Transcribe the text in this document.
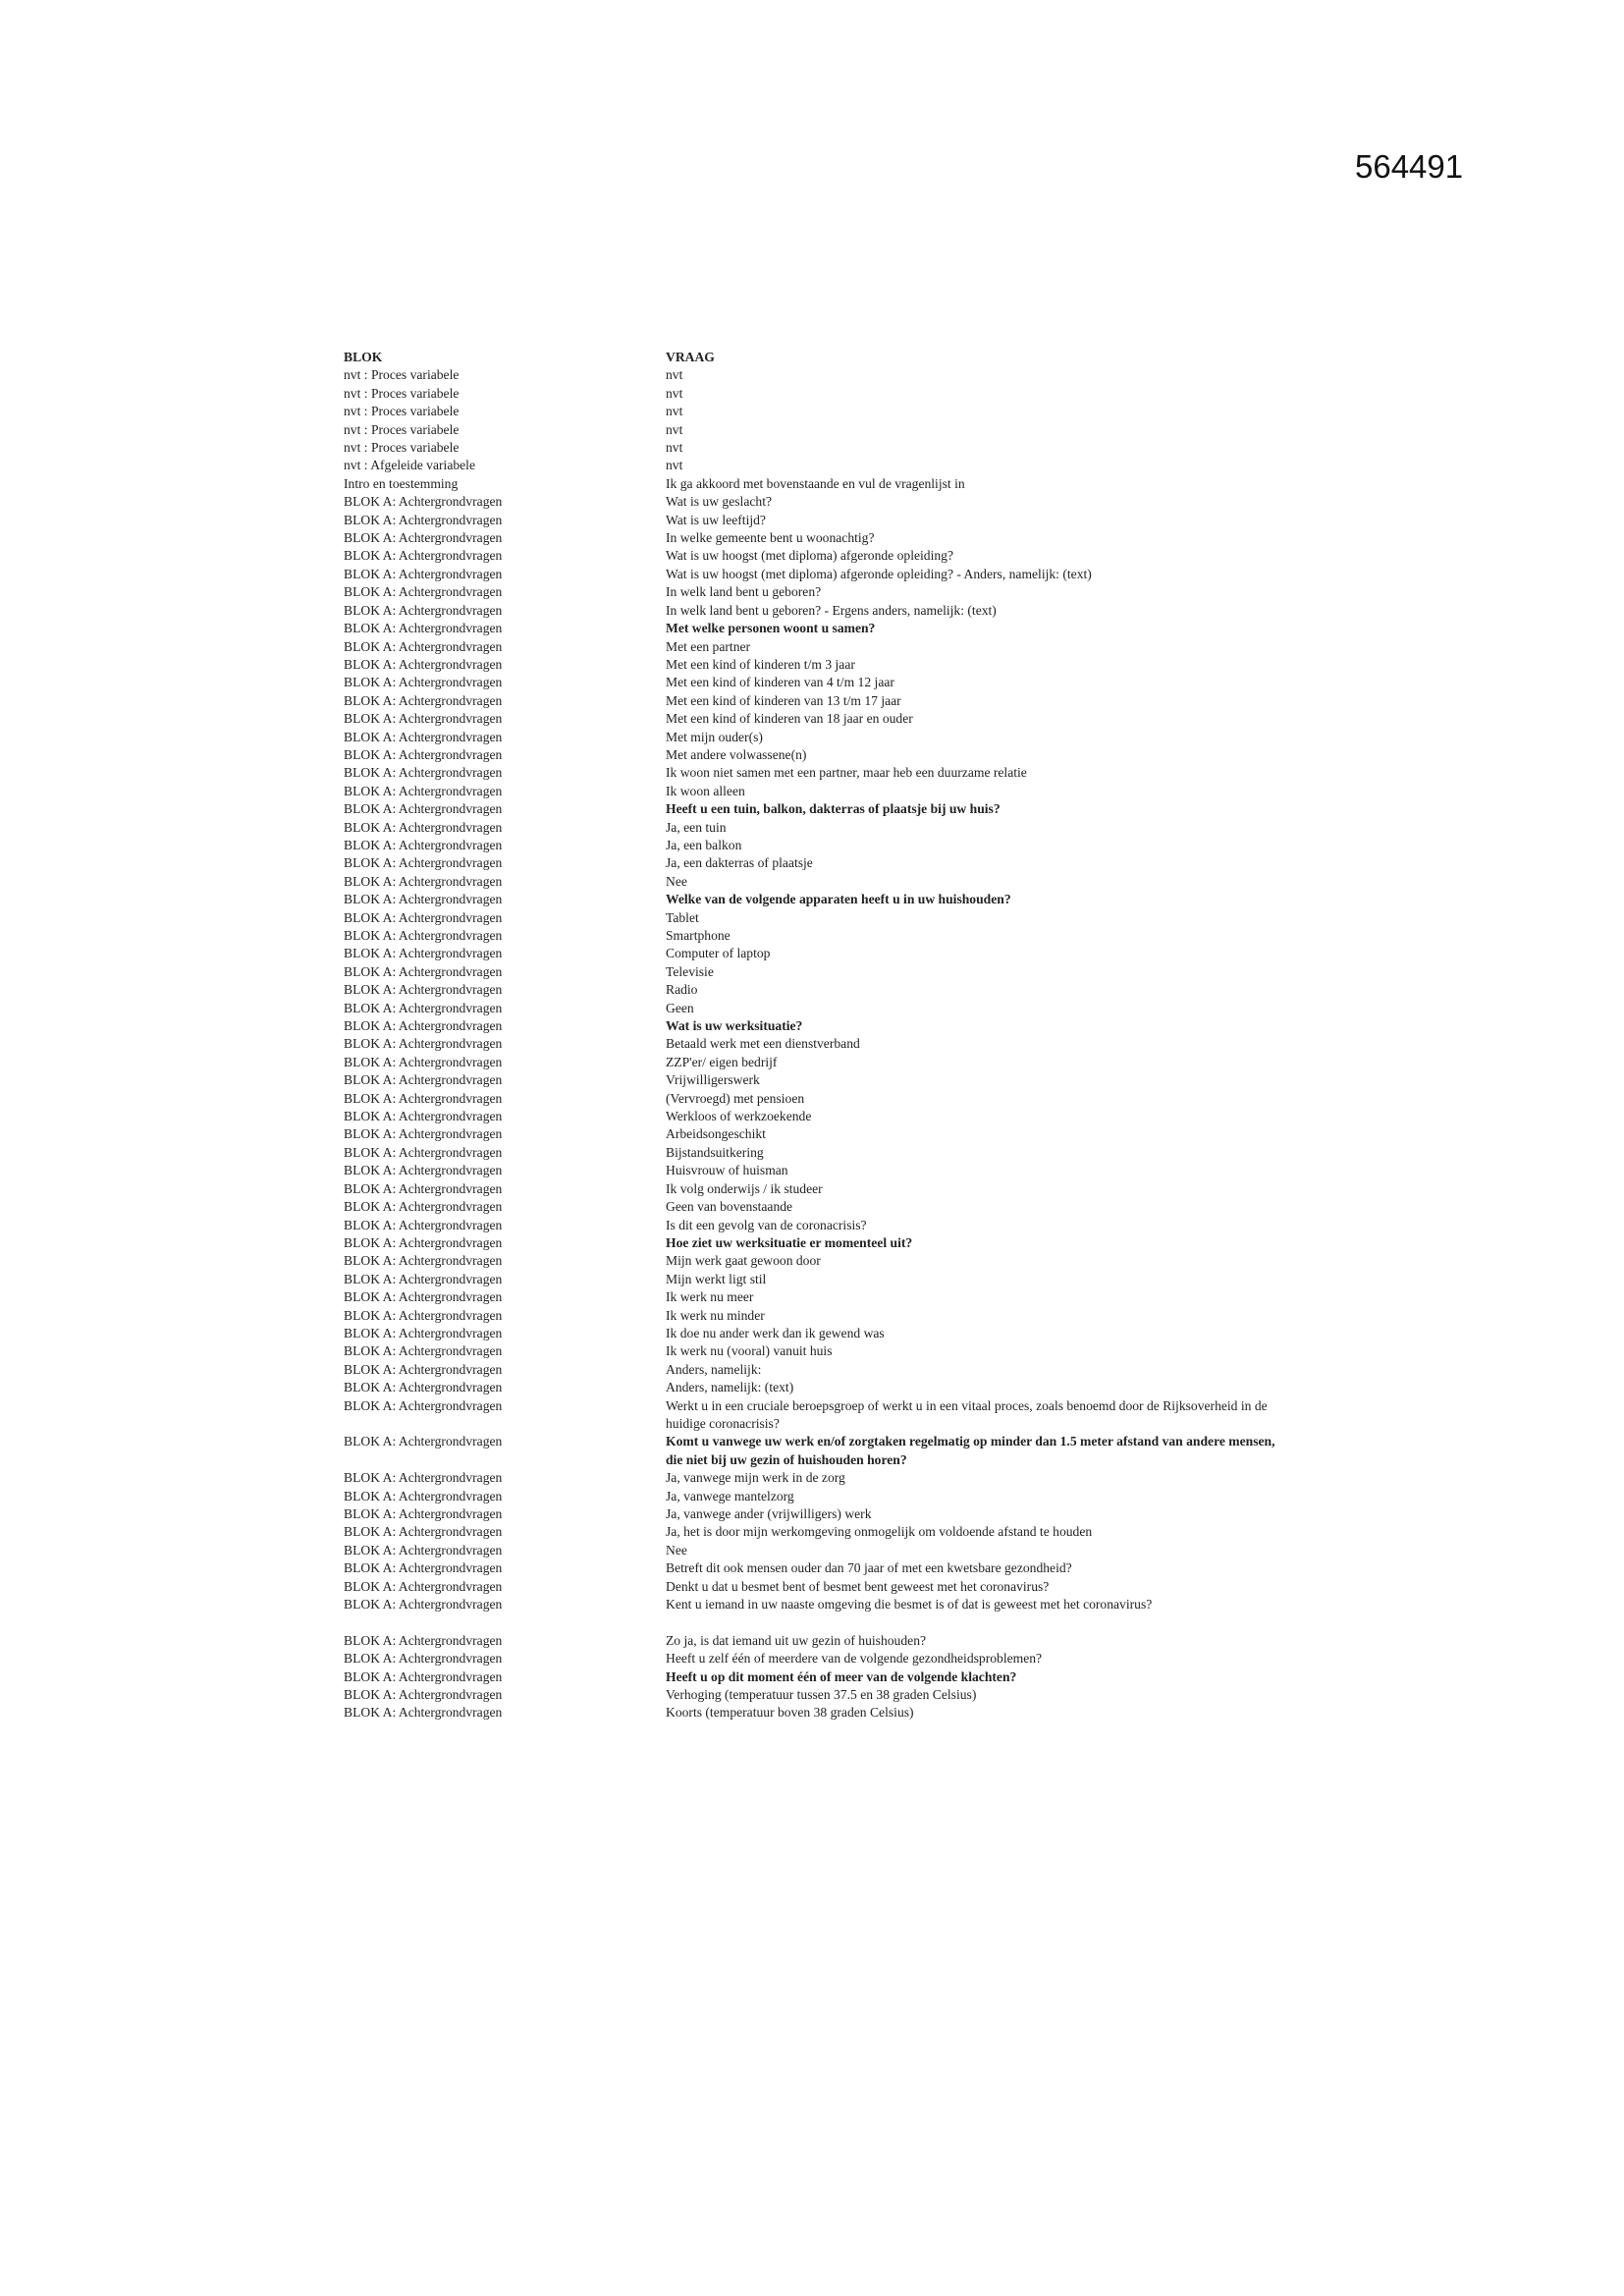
564491
BLOK	VRAAG
nvt : Proces variabele	nvt
nvt : Proces variabele	nvt
nvt : Proces variabele	nvt
nvt : Proces variabele	nvt
nvt : Proces variabele	nvt
nvt : Afgeleide variabele	nvt
Intro en toestemming	Ik ga akkoord met bovenstaande en vul de vragenlijst in
BLOK A: Achtergrondvragen	Wat is uw geslacht?
BLOK A: Achtergrondvragen	Wat is uw leeftijd?
BLOK A: Achtergrondvragen	In welke gemeente bent u woonachtig?
BLOK A: Achtergrondvragen	Wat is uw hoogst (met diploma) afgeronde opleiding?
BLOK A: Achtergrondvragen	Wat is uw hoogst (met diploma) afgeronde opleiding? - Anders, namelijk: (text)
BLOK A: Achtergrondvragen	In welk land bent u geboren?
BLOK A: Achtergrondvragen	In welk land bent u geboren? - Ergens anders, namelijk: (text)
BLOK A: Achtergrondvragen	Met welke personen woont u samen?
BLOK A: Achtergrondvragen	Met een partner
BLOK A: Achtergrondvragen	Met een kind of kinderen t/m 3 jaar
BLOK A: Achtergrondvragen	Met een kind of kinderen van 4 t/m 12 jaar
BLOK A: Achtergrondvragen	Met een kind of kinderen van 13 t/m 17 jaar
BLOK A: Achtergrondvragen	Met een kind of kinderen van 18 jaar en ouder
BLOK A: Achtergrondvragen	Met mijn ouder(s)
BLOK A: Achtergrondvragen	Met andere volwassene(n)
BLOK A: Achtergrondvragen	Ik woon niet samen met een partner, maar heb een duurzame relatie
BLOK A: Achtergrondvragen	Ik woon alleen
BLOK A: Achtergrondvragen	Heeft u een tuin, balkon, dakterras of plaatsje bij uw huis?
BLOK A: Achtergrondvragen	Ja, een tuin
BLOK A: Achtergrondvragen	Ja, een balkon
BLOK A: Achtergrondvragen	Ja, een dakterras of plaatsje
BLOK A: Achtergrondvragen	Nee
BLOK A: Achtergrondvragen	Welke van de volgende apparaten heeft u in uw huishouden?
BLOK A: Achtergrondvragen	Tablet
BLOK A: Achtergrondvragen	Smartphone
BLOK A: Achtergrondvragen	Computer of laptop
BLOK A: Achtergrondvragen	Televisie
BLOK A: Achtergrondvragen	Radio
BLOK A: Achtergrondvragen	Geen
BLOK A: Achtergrondvragen	Wat is uw werksituatie?
BLOK A: Achtergrondvragen	Betaald werk met een dienstverband
BLOK A: Achtergrondvragen	ZZP'er/ eigen bedrijf
BLOK A: Achtergrondvragen	Vrijwilligerswerk
BLOK A: Achtergrondvragen	(Vervroegd) met pensioen
BLOK A: Achtergrondvragen	Werkloos of werkzoekende
BLOK A: Achtergrondvragen	Arbeidsongeschikt
BLOK A: Achtergrondvragen	Bijstandsuitkering
BLOK A: Achtergrondvragen	Huisvrouw of huisman
BLOK A: Achtergrondvragen	Ik volg onderwijs / ik studeer
BLOK A: Achtergrondvragen	Geen van bovenstaande
BLOK A: Achtergrondvragen	Is dit een gevolg van de coronacrisis?
BLOK A: Achtergrondvragen	Hoe ziet uw werksituatie er momenteel uit?
BLOK A: Achtergrondvragen	Mijn werk gaat gewoon door
BLOK A: Achtergrondvragen	Mijn werkt ligt stil
BLOK A: Achtergrondvragen	Ik werk nu meer
BLOK A: Achtergrondvragen	Ik werk nu minder
BLOK A: Achtergrondvragen	Ik doe nu ander werk dan ik gewend was
BLOK A: Achtergrondvragen	Ik werk nu (vooral) vanuit huis
BLOK A: Achtergrondvragen	Anders, namelijk:
BLOK A: Achtergrondvragen	Anders, namelijk: (text)
BLOK A: Achtergrondvragen	Werkt u in een cruciale beroepsgroep of werkt u in een vitaal proces, zoals benoemd door de Rijksoverheid in de huidige coronacrisis?
BLOK A: Achtergrondvragen	Komt u vanwege uw werk en/of zorgtaken regelmatig op minder dan 1.5 meter afstand van andere mensen, die niet bij uw gezin of huishouden horen?
BLOK A: Achtergrondvragen	Ja, vanwege mijn werk in de zorg
BLOK A: Achtergrondvragen	Ja, vanwege mantelzorg
BLOK A: Achtergrondvragen	Ja, vanwege ander (vrijwilligers) werk
BLOK A: Achtergrondvragen	Ja, het is door mijn werkomgeving onmogelijk om voldoende afstand te houden
BLOK A: Achtergrondvragen	Nee
BLOK A: Achtergrondvragen	Betreft dit ook mensen ouder dan 70 jaar of met een kwetsbare gezondheid?
BLOK A: Achtergrondvragen	Denkt u dat u besmet bent of besmet bent geweest met het coronavirus?
BLOK A: Achtergrondvragen	Kent u iemand in uw naaste omgeving die besmet is of dat is geweest met het coronavirus?
BLOK A: Achtergrondvragen	Zo ja, is dat iemand uit uw gezin of huishouden?
BLOK A: Achtergrondvragen	Heeft u zelf één of meerdere van de volgende gezondheidsproblemen?
BLOK A: Achtergrondvragen	Heeft u op dit moment één of meer van de volgende klachten?
BLOK A: Achtergrondvragen	Verhoging (temperatuur tussen 37.5 en 38 graden Celsius)
BLOK A: Achtergrondvragen	Koorts (temperatuur boven 38 graden Celsius)
